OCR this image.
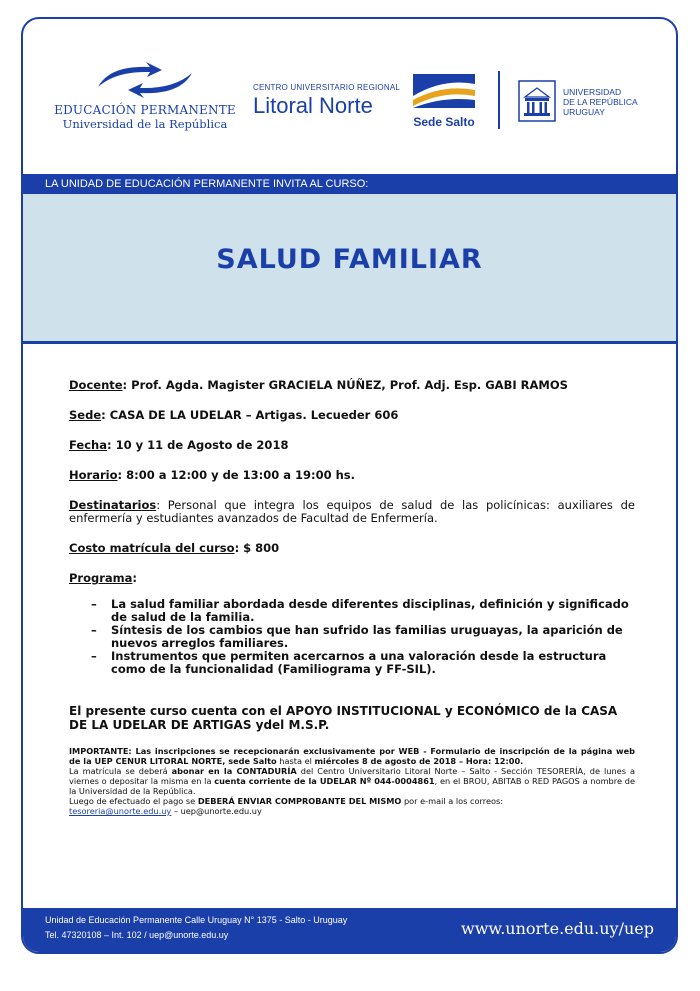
EDUCACIÓN PERMANENTE
Universidad de la República
CENTRO UNIVERSITARIO REGIONAL
Litoral Norte
Sede Salto
UNIVERSIDAD
DE LA REPÚBLICA
URUGUAY
LA UNIDAD DE EDUCACIÓN PERMANENTE INVITA AL CURSO:
SALUD FAMILIAR
Docente: Prof. Agda. Magister GRACIELA NÚÑEZ, Prof. Adj. Esp. GABI RAMOS
Sede: CASA DE LA UDELAR – Artigas. Lecueder 606
Fecha: 10 y 11 de Agosto de 2018
Horario: 8:00 a 12:00 y de 13:00 a 19:00 hs.
Destinatarios: Personal que integra los equipos de salud de las policínicas: auxiliares de enfermería y estudiantes avanzados de Facultad de Enfermería.
Costo matrícula del curso: $ 800
Programa:
– La salud familiar abordada desde diferentes disciplinas, definición y significado de salud de la familia.
– Síntesis de los cambios que han sufrido las familias uruguayas, la aparición de nuevos arreglos familiares.
– Instrumentos que permiten acercarnos a una valoración desde la estructura como de la funcionalidad (Familiograma y FF-SIL).
El presente curso cuenta con el APOYO INSTITUCIONAL y ECONÓMICO de la CASA DE LA UDELAR DE ARTIGAS ydel M.S.P.
IMPORTANTE: Las inscripciones se recepcionarán exclusivamente por WEB - Formulario de inscripción de la página web de la UEP CENUR LITORAL NORTE, sede Salto hasta el miércoles 8 de agosto de 2018 – Hora: 12:00.
La matrícula se deberá abonar en la CONTADURÍA del Centro Universitario Litoral Norte – Salto - Sección TESORERÍA, de lunes a viernes o depositar la misma en la cuenta corriente de la UDELAR Nº 044-0004861, en el BROU, ABITAB o RED PAGOS a nombre de la Universidad de la República.
Luego de efectuado el pago se DEBERÁ ENVIAR COMPROBANTE DEL MISMO por e-mail a los correos:
tesoreria@unorte.edu.uy – uep@unorte.edu.uy
Unidad de Educación Permanente Calle Uruguay N° 1375 - Salto - Uruguay
Tel. 47320108 – Int. 102 / uep@unorte.edu.uy	www.unorte.edu.uy/uep
